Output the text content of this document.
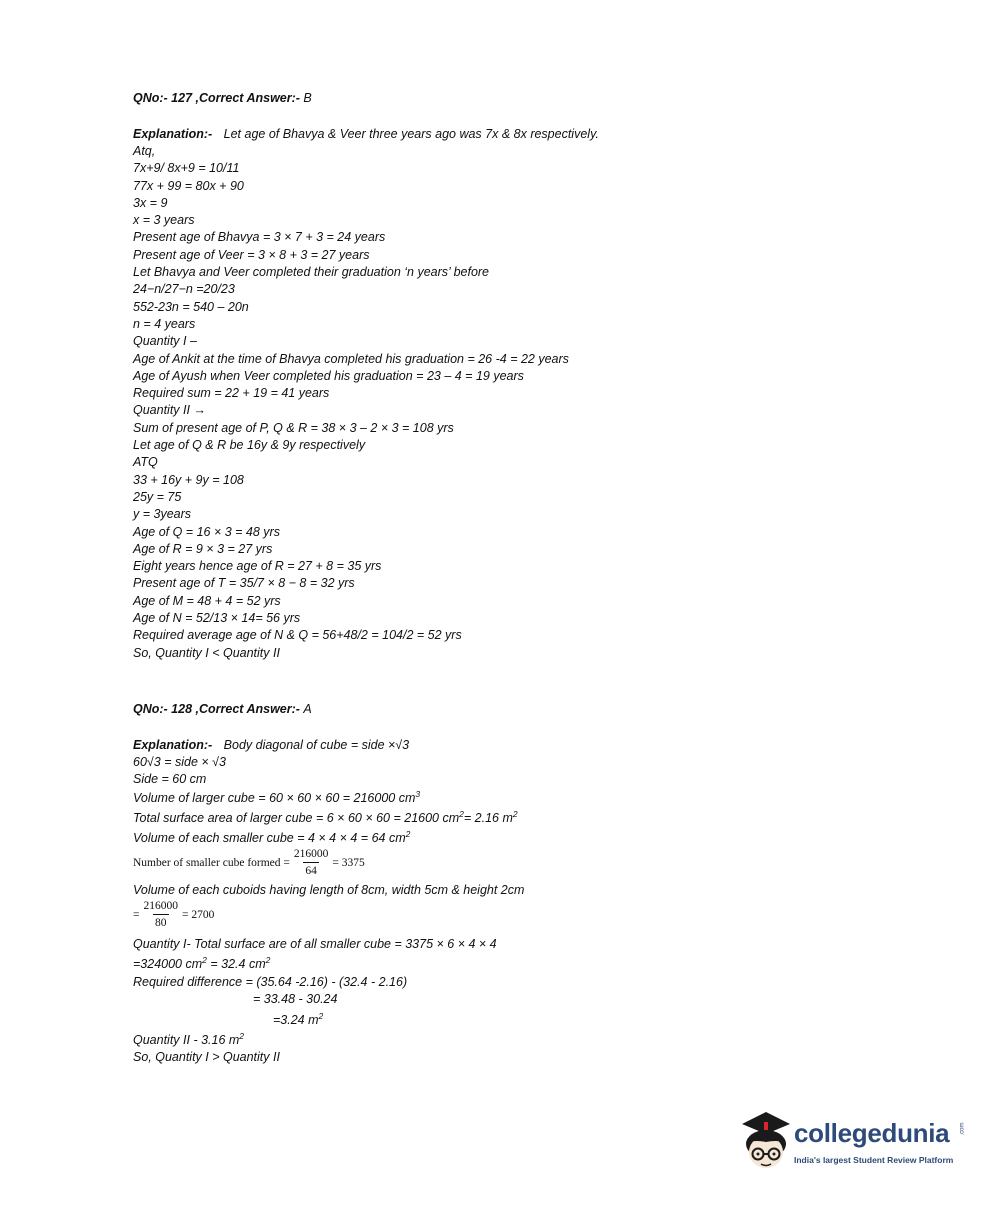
QNo:- 127 ,Correct Answer:- B
Explanation:- Let age of Bhavya & Veer three years ago was 7x & 8x respectively.
Atq,
7x+9/ 8x+9 = 10/11
77x + 99 = 80x + 90
3x = 9
x = 3 years
Present age of Bhavya = 3 × 7 + 3 = 24 years
Present age of Veer = 3 × 8 + 3 = 27 years
Let Bhavya and Veer completed their graduation ‘n years’ before
24−n/27−n =20/23
552-23n = 540 – 20n
n = 4 years
Quantity I –
Age of Ankit at the time of Bhavya completed his graduation = 26 -4 = 22 years
Age of Ayush when Veer completed his graduation = 23 – 4 = 19 years
Required sum = 22 + 19 = 41 years
Quantity II →
Sum of present age of P, Q & R = 38 × 3 – 2 × 3 = 108 yrs
Let age of Q & R be 16y & 9y respectively
ATQ
33 + 16y + 9y = 108
25y = 75
y = 3years
Age of Q = 16 × 3 = 48 yrs
Age of R = 9 × 3 = 27 yrs
Eight years hence age of R = 27 + 8 = 35 yrs
Present age of T = 35/7 × 8 − 8 = 32 yrs
Age of M = 48 + 4 = 52 yrs
Age of N = 52/13 × 14= 56 yrs
Required average age of N & Q = 56+48/2 = 104/2 = 52 yrs
So, Quantity I < Quantity II
QNo:- 128 ,Correct Answer:- A
Explanation:- Body diagonal of cube = side ×√3
60√3 = side × √3
Side = 60 cm
Volume of larger cube = 60 × 60 × 60 = 216000 $cm^3$
Total surface area of larger cube = 6 × 60 × 60 = 21600 $cm^2= 2.16$ $m^2$
Volume of each smaller cube = 4 × 4 × 4 = 64 $cm^2$
Number of smaller cube formed = $\frac{216000}{64} = 3375$
Volume of each cuboids having length of 8cm, width 5cm & height 2cm
= $\frac{216000}{80} = 2700$
Quantity I- Total surface are of all smaller cube = 3375 × 6 × 4 × 4
=324000 $cm^2 = 32.4$ $cm^2$
Required difference = (35.64 -2.16) - (32.4 - 2.16)
= 33.48 - 30.24
=3.24 $m^2$
Quantity II - 3.16 $m^2$
So, Quantity I > Quantity II
collegedunia .com
India's largest Student Review Platform
